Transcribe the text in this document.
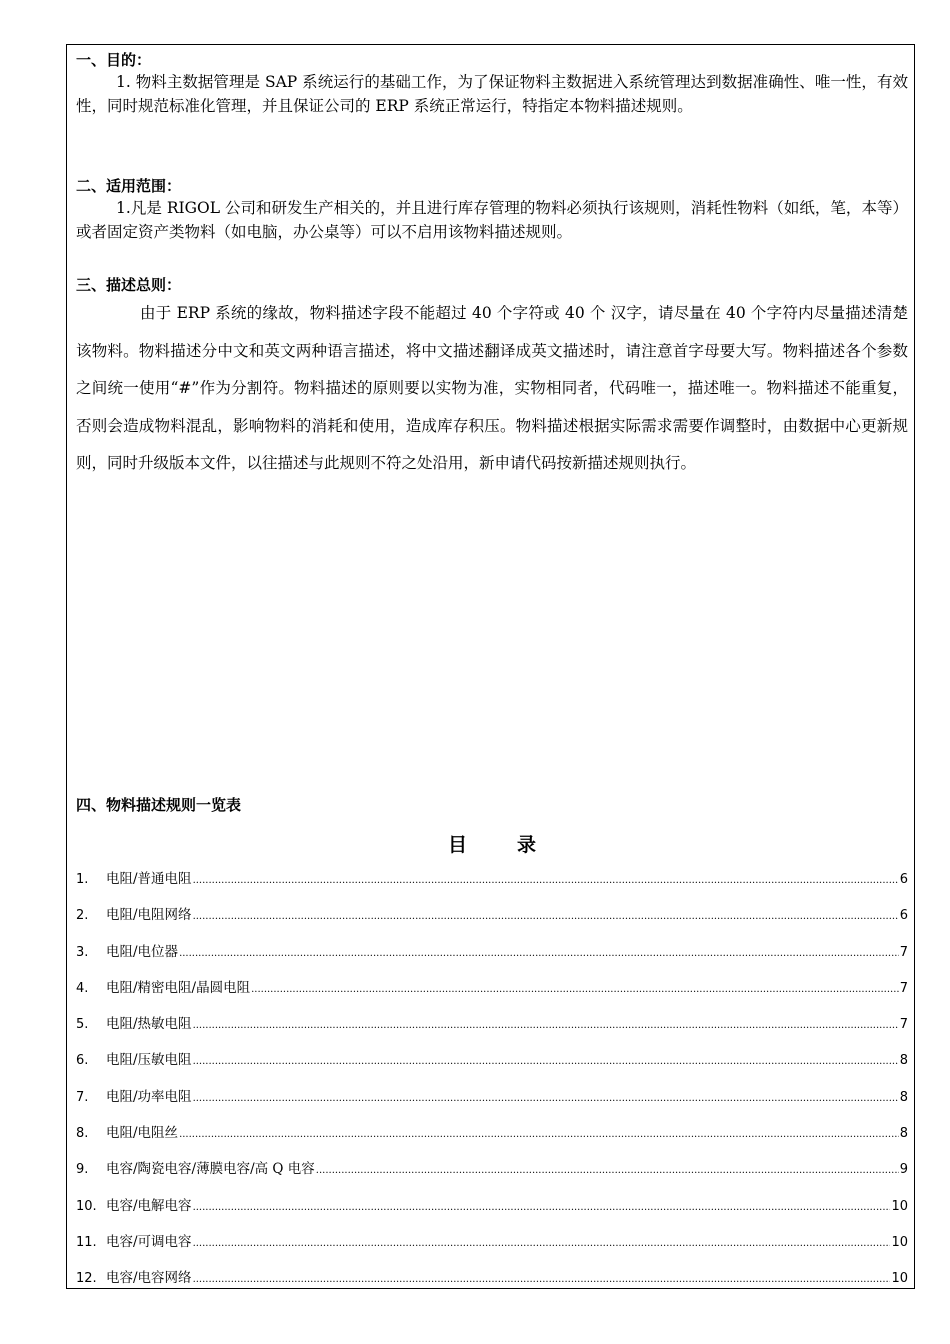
一、目的：

1. 物料主数据管理是 SAP 系统运行的基础工作，为了保证物料主数据进入系统管理达到数据准确性、唯一性，有效性，同时规范标准化管理，并且保证公司的 ERP 系统正常运行，特指定本物料描述规则。

二、适用范围：

1.凡是 RIGOL 公司和研发生产相关的，并且进行库存管理的物料必须执行该规则，消耗性物料（如纸，笔，本等）或者固定资产类物料（如电脑，办公桌等）可以不启用该物料描述规则。

三、描述总则：

由于 ERP 系统的缘故，物料描述字段不能超过 40 个字符或 40 个 汉字，请尽量在 40 个字符内尽量描述清楚该物料。物料描述分中文和英文两种语言描述，将中文描述翻译成英文描述时，请注意首字母要大写。物料描述各个参数之间统一使用“#”作为分割符。物料描述的原则要以实物为准，实物相同者，代码唯一，描述唯一。物料描述不能重复，否则会造成物料混乱，影响物料的消耗和使用，造成库存积压。物料描述根据实际需求需要作调整时，由数据中心更新规则，同时升级版本文件，以往描述与此规则不符之处沿用，新申请代码按新描述规则执行。

四、物料描述规则一览表

目录
1.	电阻/普通电阻 .....	6
2.	电阻/电阻网络 .....	6
3.	电阻/电位器 .....	7
4.	电阻/精密电阻/晶圆电阻 .....	7
5.	电阻/热敏电阻 .....	7
6.	电阻/压敏电阻 .....	8
7.	电阻/功率电阻 .....	8
8.	电阻/电阻丝 .....	8
9.	电容/陶瓷电容/薄膜电容/高 Q 电容 .....	9
10. 电容/电解电容 .....	10
11. 电容/可调电容 .....	10
12. 电容/电容网络 .....	10
